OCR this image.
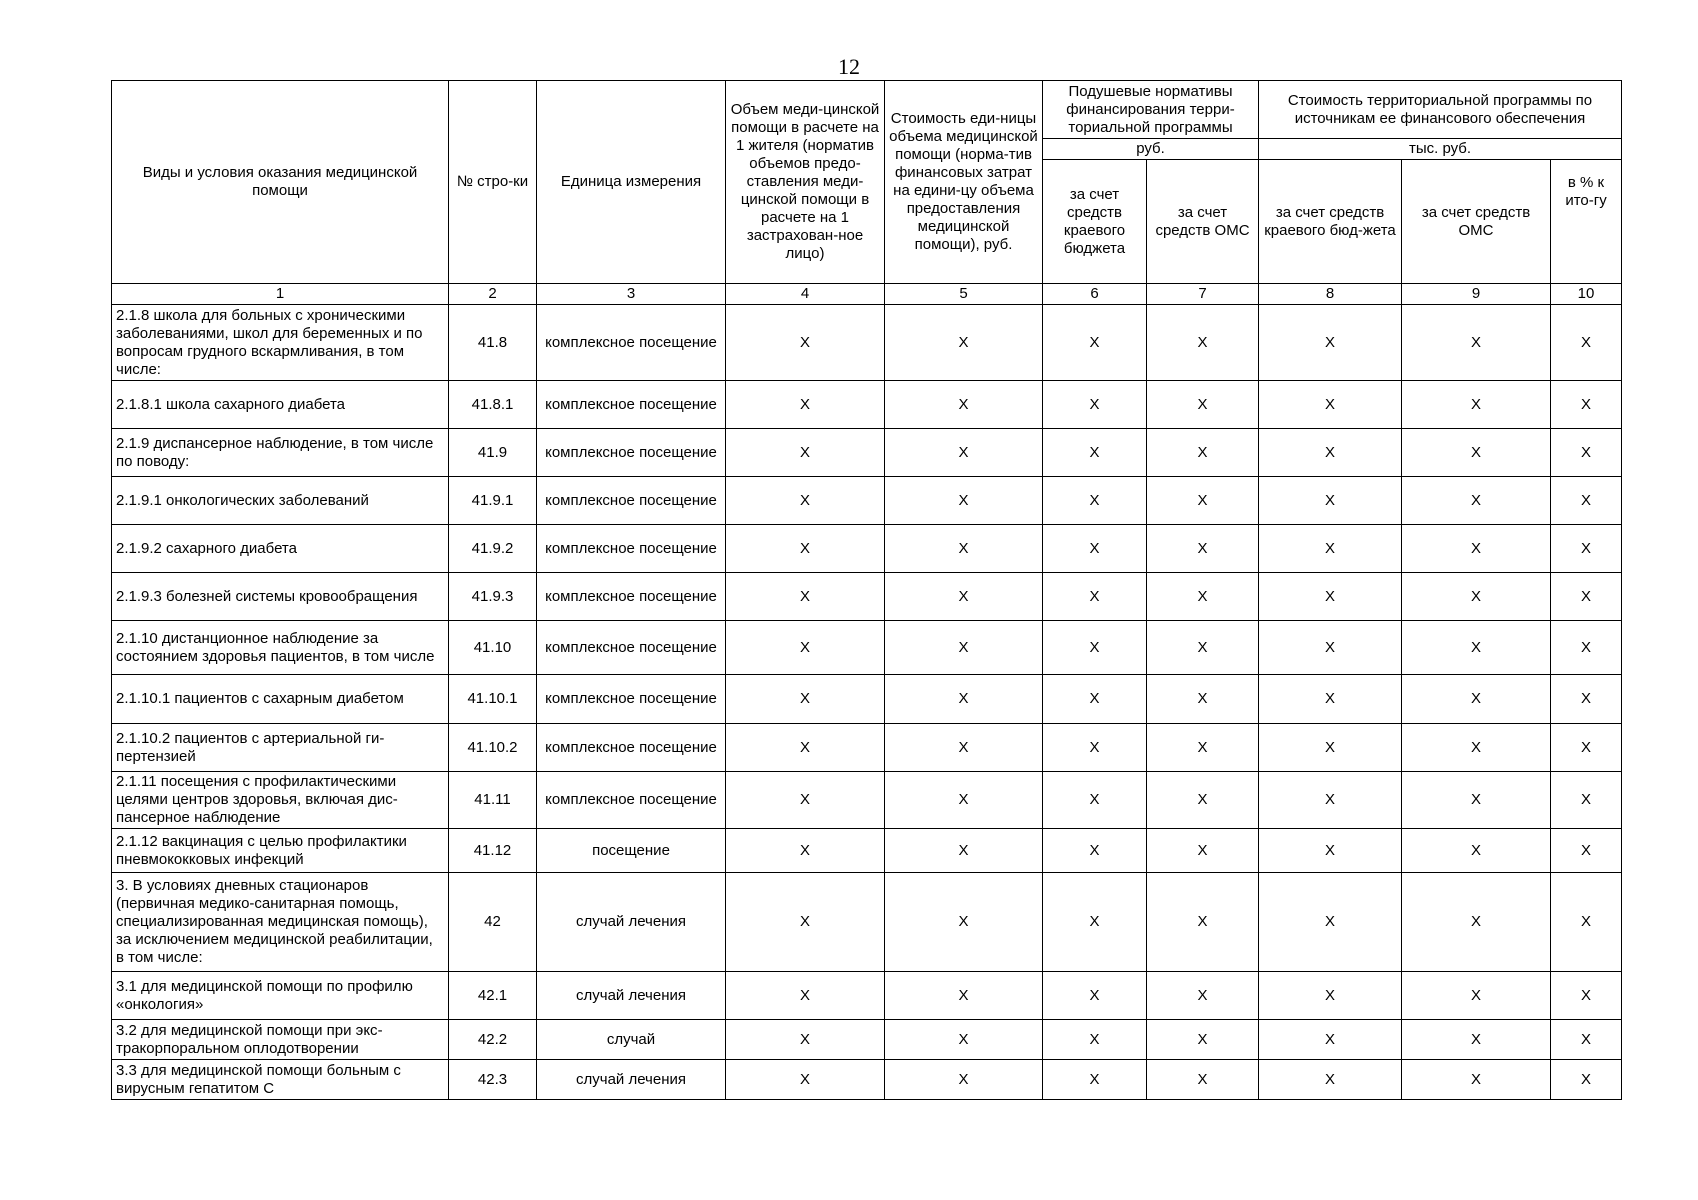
12
Виды и условия оказания медицинской помощи	№ стро-ки	Единица измерения	Объем меди-цинской помощи в расчете на 1 жителя (норматив объемов предо-ставления меди-цинской помощи в расчете на 1 застрахован-ное лицо)	Стоимость еди-ницы объема медицинской помощи (норма-тив финансовых затрат на едини-цу объема предоставления медицинской помощи), руб.	Подушевые нормативы финансирования терри-ториальной программы		Стоимость территориальной программы по источникам ее финансового обеспечения		
					руб.		тыс. руб.		
					за счет средств краевого бюджета	за счет средств ОМС	за счет средств краевого бюд-жета	за счет средств ОМС	в % к ито-гу
1	2	3	4	5	6	7	8	9	10
2.1.8 школа для больных с хроническими заболеваниями, школ для беременных и по вопросам грудного вскармливания, в том числе:	41.8	комплексное посещение	Х	Х	Х	Х	Х	Х	Х
2.1.8.1 школа сахарного диабета	41.8.1	комплексное посещение	Х	Х	Х	Х	Х	Х	Х
2.1.9 диспансерное наблюдение, в том числе по поводу:	41.9	комплексное посещение	Х	Х	Х	Х	Х	Х	Х
2.1.9.1 онкологических заболеваний	41.9.1	комплексное посещение	Х	Х	Х	Х	Х	Х	Х
2.1.9.2 сахарного диабета	41.9.2	комплексное посещение	Х	Х	Х	Х	Х	Х	Х
2.1.9.3 болезней системы кровообращения	41.9.3	комплексное посещение	Х	Х	Х	Х	Х	Х	Х
2.1.10 дистанционное наблюдение за состоянием здоровья пациентов, в том числе	41.10	комплексное посещение	Х	Х	Х	Х	Х	Х	Х
2.1.10.1 пациентов с сахарным диабетом	41.10.1	комплексное посещение	Х	Х	Х	Х	Х	Х	Х
2.1.10.2 пациентов с артериальной гипертензией	41.10.2	комплексное посещение	Х	Х	Х	Х	Х	Х	Х
2.1.11 посещения с профилактическими целями центров здоровья, включая диспансерное наблюдение	41.11	комплексное посещение	Х	Х	Х	Х	Х	Х	Х
2.1.12 вакцинация с целью профилактики пневмококковых инфекций	41.12	посещение	Х	Х	Х	Х	Х	Х	Х
3. В условиях дневных стационаров (первичная медико-санитарная помощь, специализированная медицинская помощь), за исключением медицинской реабилитации, в том числе:	42	случай лечения	Х	Х	Х	Х	Х	Х	Х
3.1 для медицинской помощи по профилю «онкология»	42.1	случай лечения	Х	Х	Х	Х	Х	Х	Х
3.2 для медицинской помощи при экстракорпоральном оплодотворении	42.2	случай	Х	Х	Х	Х	Х	Х	Х
3.3 для медицинской помощи больным с вирусным гепатитом С	42.3	случай лечения	Х	Х	Х	Х	Х	Х	Х
